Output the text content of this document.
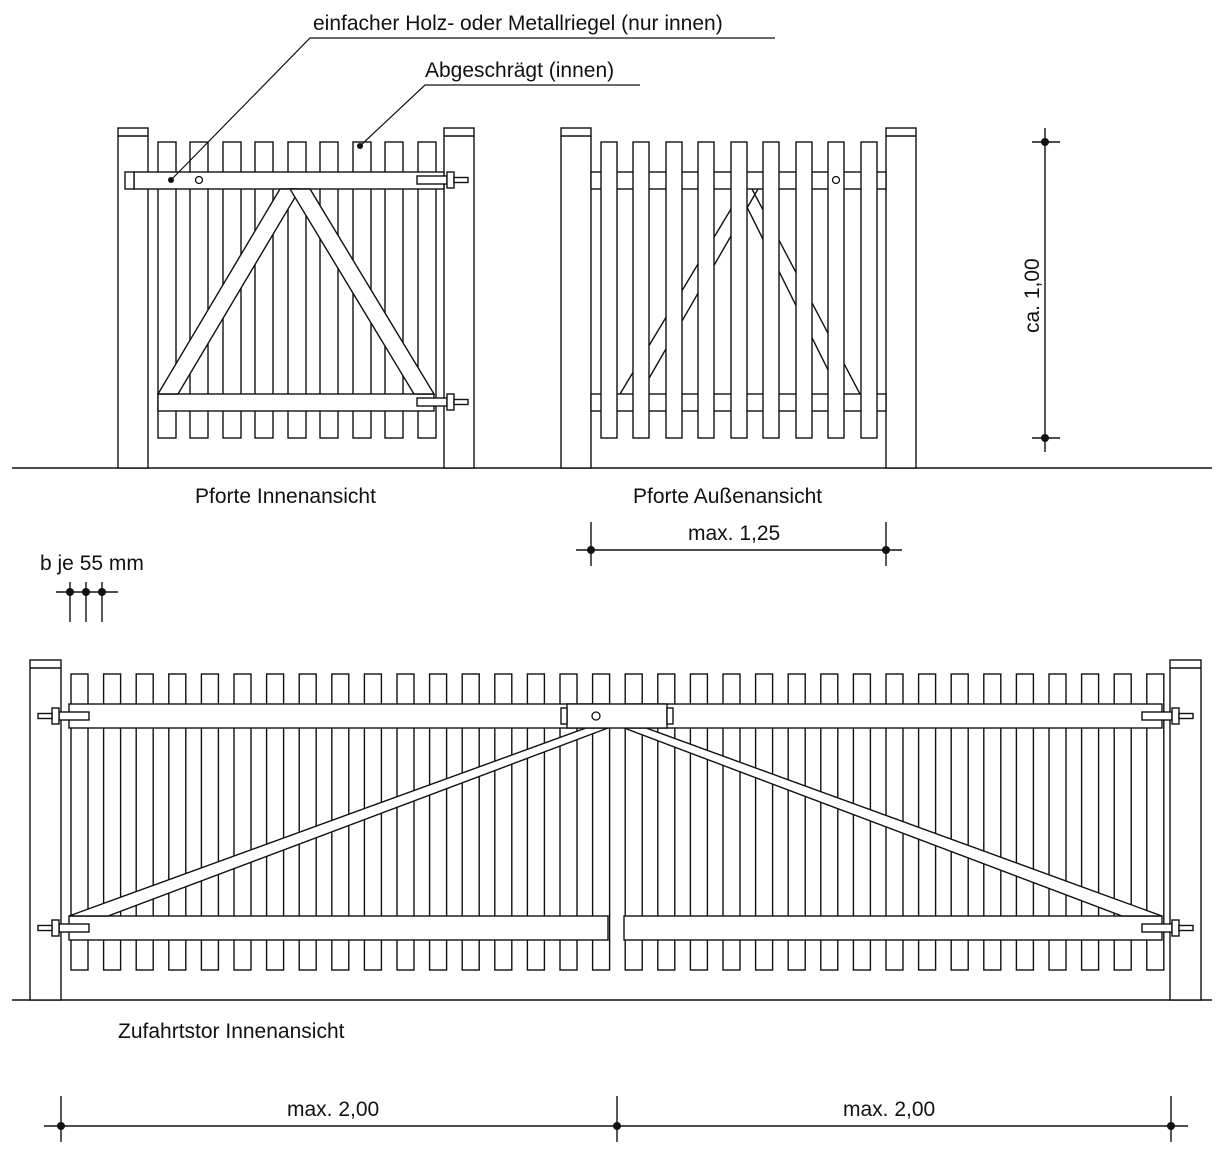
einfacher Holz- oder Metallriegel (nur innen)
Abgeschrägt (innen)
Pforte Innenansicht	Pforte Außenansicht
ca. 1,00
max. 1,25
b je 55 mm
Zufahrtstor Innenansicht
max. 2,00	max. 2,00
